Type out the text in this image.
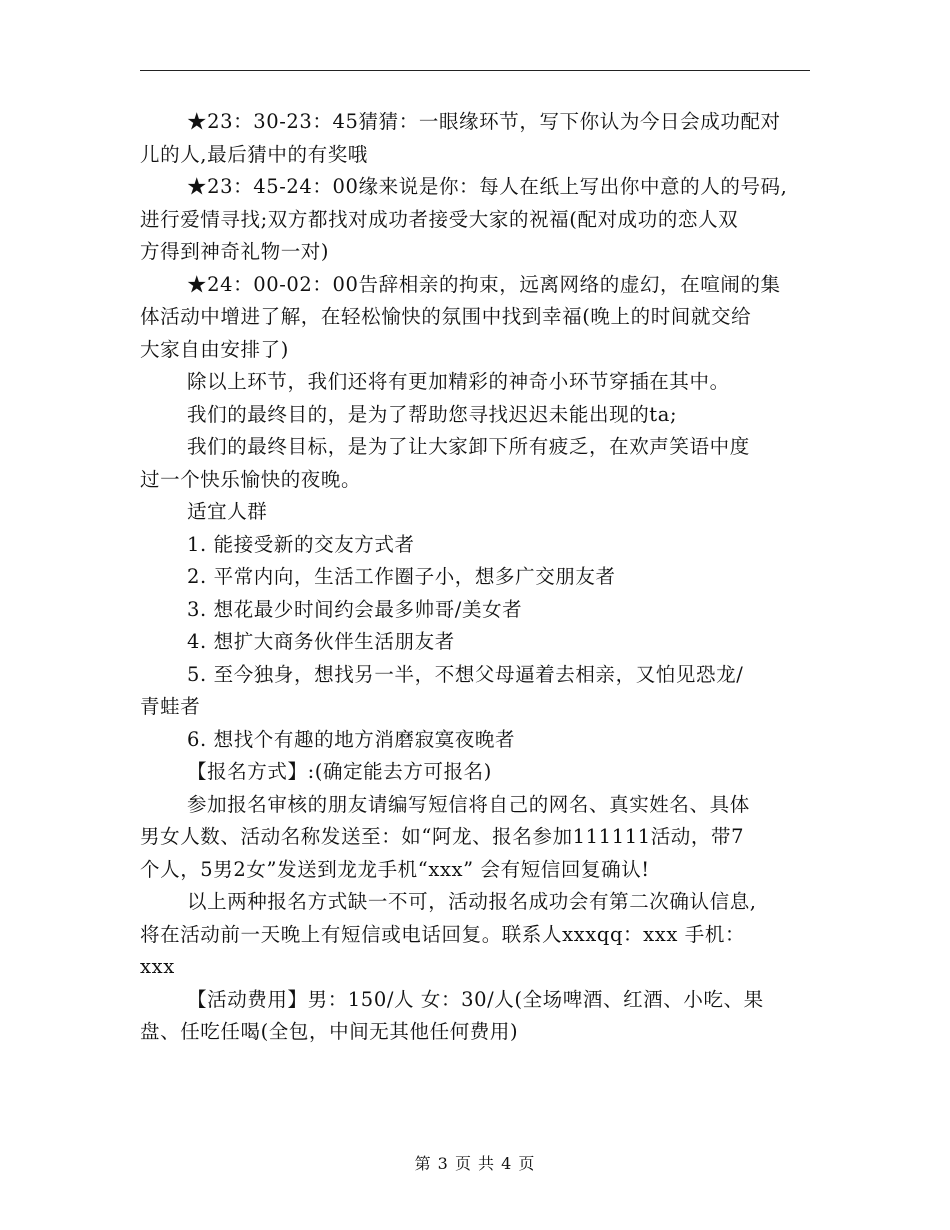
★23：30-23：45猜猜：一眼缘环节，写下你认为今日会成功配对
儿的人,最后猜中的有奖哦
★23：45-24：00缘来说是你：每人在纸上写出你中意的人的号码,
进行爱情寻找;双方都找对成功者接受大家的祝福(配对成功的恋人双
方得到神奇礼物一对)
★24：00-02：00告辞相亲的拘束，远离网络的虚幻，在喧闹的集
体活动中增进了解，在轻松愉快的氛围中找到幸福(晚上的时间就交给
大家自由安排了)
除以上环节，我们还将有更加精彩的神奇小环节穿插在其中。
我们的最终目的，是为了帮助您寻找迟迟未能出现的ta;
我们的最终目标，是为了让大家卸下所有疲乏，在欢声笑语中度
过一个快乐愉快的夜晚。
适宜人群
1. 能接受新的交友方式者
2. 平常内向，生活工作圈子小，想多广交朋友者
3. 想花最少时间约会最多帅哥/美女者
4. 想扩大商务伙伴生活朋友者
5. 至今独身，想找另一半，不想父母逼着去相亲，又怕见恐龙/
青蛙者
6. 想找个有趣的地方消磨寂寞夜晚者
【报名方式】:(确定能去方可报名)
参加报名审核的朋友请编写短信将自己的网名、真实姓名、具体
男女人数、活动名称发送至：如“阿龙、报名参加111111活动，带7
个人，5男2女”发送到龙龙手机“xxx” 会有短信回复确认!
以上两种报名方式缺一不可，活动报名成功会有第二次确认信息,
将在活动前一天晚上有短信或电话回复。联系人xxxqq：xxx 手机：
xxx
【活动费用】男：150/人 女：30/人(全场啤酒、红酒、小吃、果
盘、任吃任喝(全包，中间无其他任何费用)
第 3 页 共 4 页
